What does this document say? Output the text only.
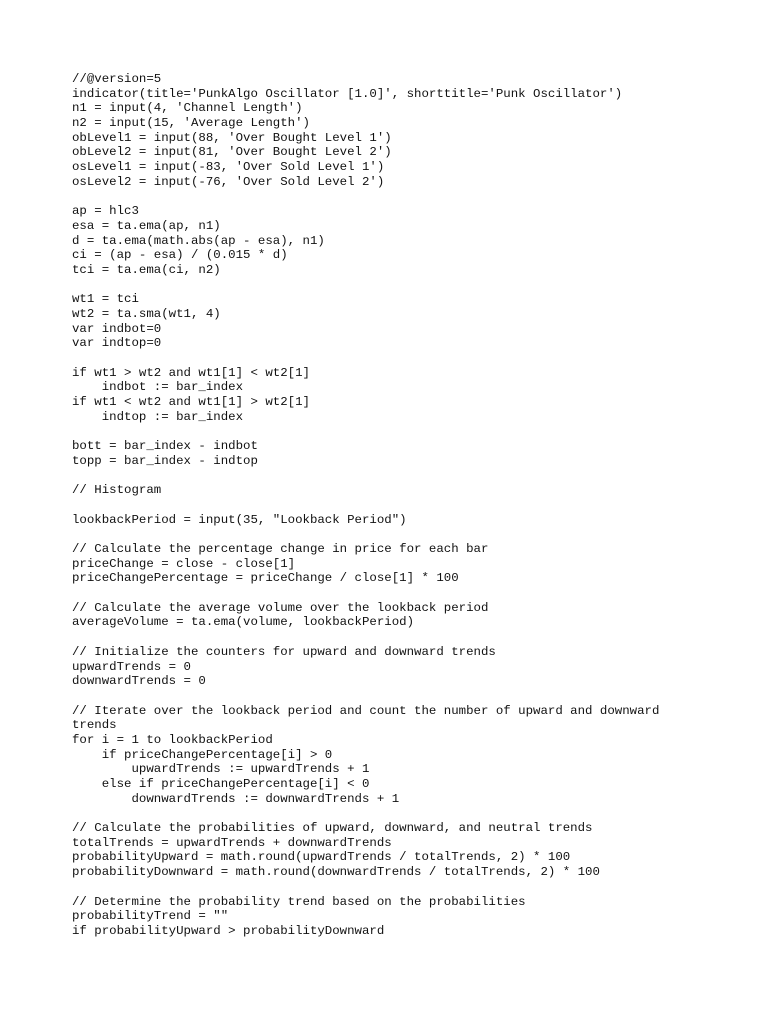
//@version=5
indicator(title='PunkAlgo Oscillator [1.0]', shorttitle='Punk Oscillator')
n1 = input(4, 'Channel Length')
n2 = input(15, 'Average Length')
obLevel1 = input(88, 'Over Bought Level 1')
obLevel2 = input(81, 'Over Bought Level 2')
osLevel1 = input(-83, 'Over Sold Level 1')
osLevel2 = input(-76, 'Over Sold Level 2')

ap = hlc3
esa = ta.ema(ap, n1)
d = ta.ema(math.abs(ap - esa), n1)
ci = (ap - esa) / (0.015 * d)
tci = ta.ema(ci, n2)

wt1 = tci
wt2 = ta.sma(wt1, 4)
var indbot=0
var indtop=0

if wt1 > wt2 and wt1[1] < wt2[1]
indbot := bar_index
if wt1 < wt2 and wt1[1] > wt2[1]
indtop := bar_index

bott = bar_index - indbot
topp = bar_index - indtop

// Histogram

lookbackPeriod = input(35, "Lookback Period")

// Calculate the percentage change in price for each bar
priceChange = close - close[1]
priceChangePercentage = priceChange / close[1] * 100

// Calculate the average volume over the lookback period
averageVolume = ta.ema(volume, lookbackPeriod)

// Initialize the counters for upward and downward trends
upwardTrends = 0
downwardTrends = 0

// Iterate over the lookback period and count the number of upward and downward
trends
for i = 1 to lookbackPeriod
if priceChangePercentage[i] > 0
upwardTrends := upwardTrends + 1
else if priceChangePercentage[i] < 0
downwardTrends := downwardTrends + 1

// Calculate the probabilities of upward, downward, and neutral trends
totalTrends = upwardTrends + downwardTrends
probabilityUpward = math.round(upwardTrends / totalTrends, 2) * 100
probabilityDownward = math.round(downwardTrends / totalTrends, 2) * 100

// Determine the probability trend based on the probabilities
probabilityTrend = ""
if probabilityUpward > probabilityDownward
